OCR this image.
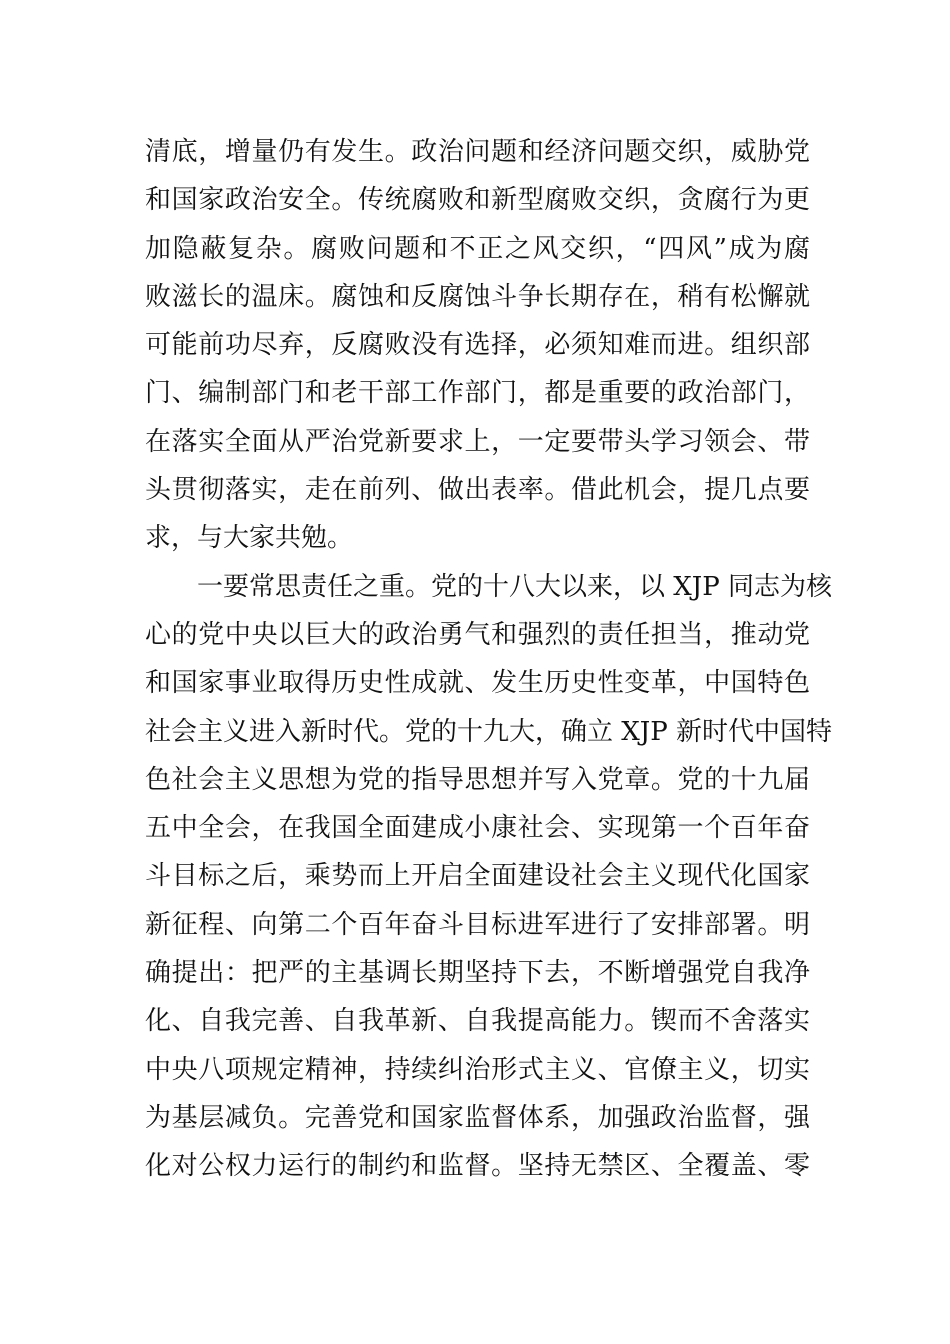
清底，增量仍有发生。政治问题和经济问题交织，威胁党
和国家政治安全。传统腐败和新型腐败交织，贪腐行为更
加隐蔽复杂。腐败问题和不正之风交织，“四风”成为腐
败滋长的温床。腐蚀和反腐蚀斗争长期存在，稍有松懈就
可能前功尽弃，反腐败没有选择，必须知难而进。组织部
门、编制部门和老干部工作部门，都是重要的政治部门，
在落实全面从严治党新要求上，一定要带头学习领会、带
头贯彻落实，走在前列、做出表率。借此机会，提几点要
求，与大家共勉。
一要常思责任之重。党的十八大以来，以 XJP 同志为核
心的党中央以巨大的政治勇气和强烈的责任担当，推动党
和国家事业取得历史性成就、发生历史性变革，中国特色
社会主义进入新时代。党的十九大，确立 XJP 新时代中国特
色社会主义思想为党的指导思想并写入党章。党的十九届
五中全会，在我国全面建成小康社会、实现第一个百年奋
斗目标之后，乘势而上开启全面建设社会主义现代化国家
新征程、向第二个百年奋斗目标进军进行了安排部署。明
确提出：把严的主基调长期坚持下去，不断增强党自我净
化、自我完善、自我革新、自我提高能力。锲而不舍落实
中央八项规定精神，持续纠治形式主义、官僚主义，切实
为基层减负。完善党和国家监督体系，加强政治监督，强
化对公权力运行的制约和监督。坚持无禁区、全覆盖、零
